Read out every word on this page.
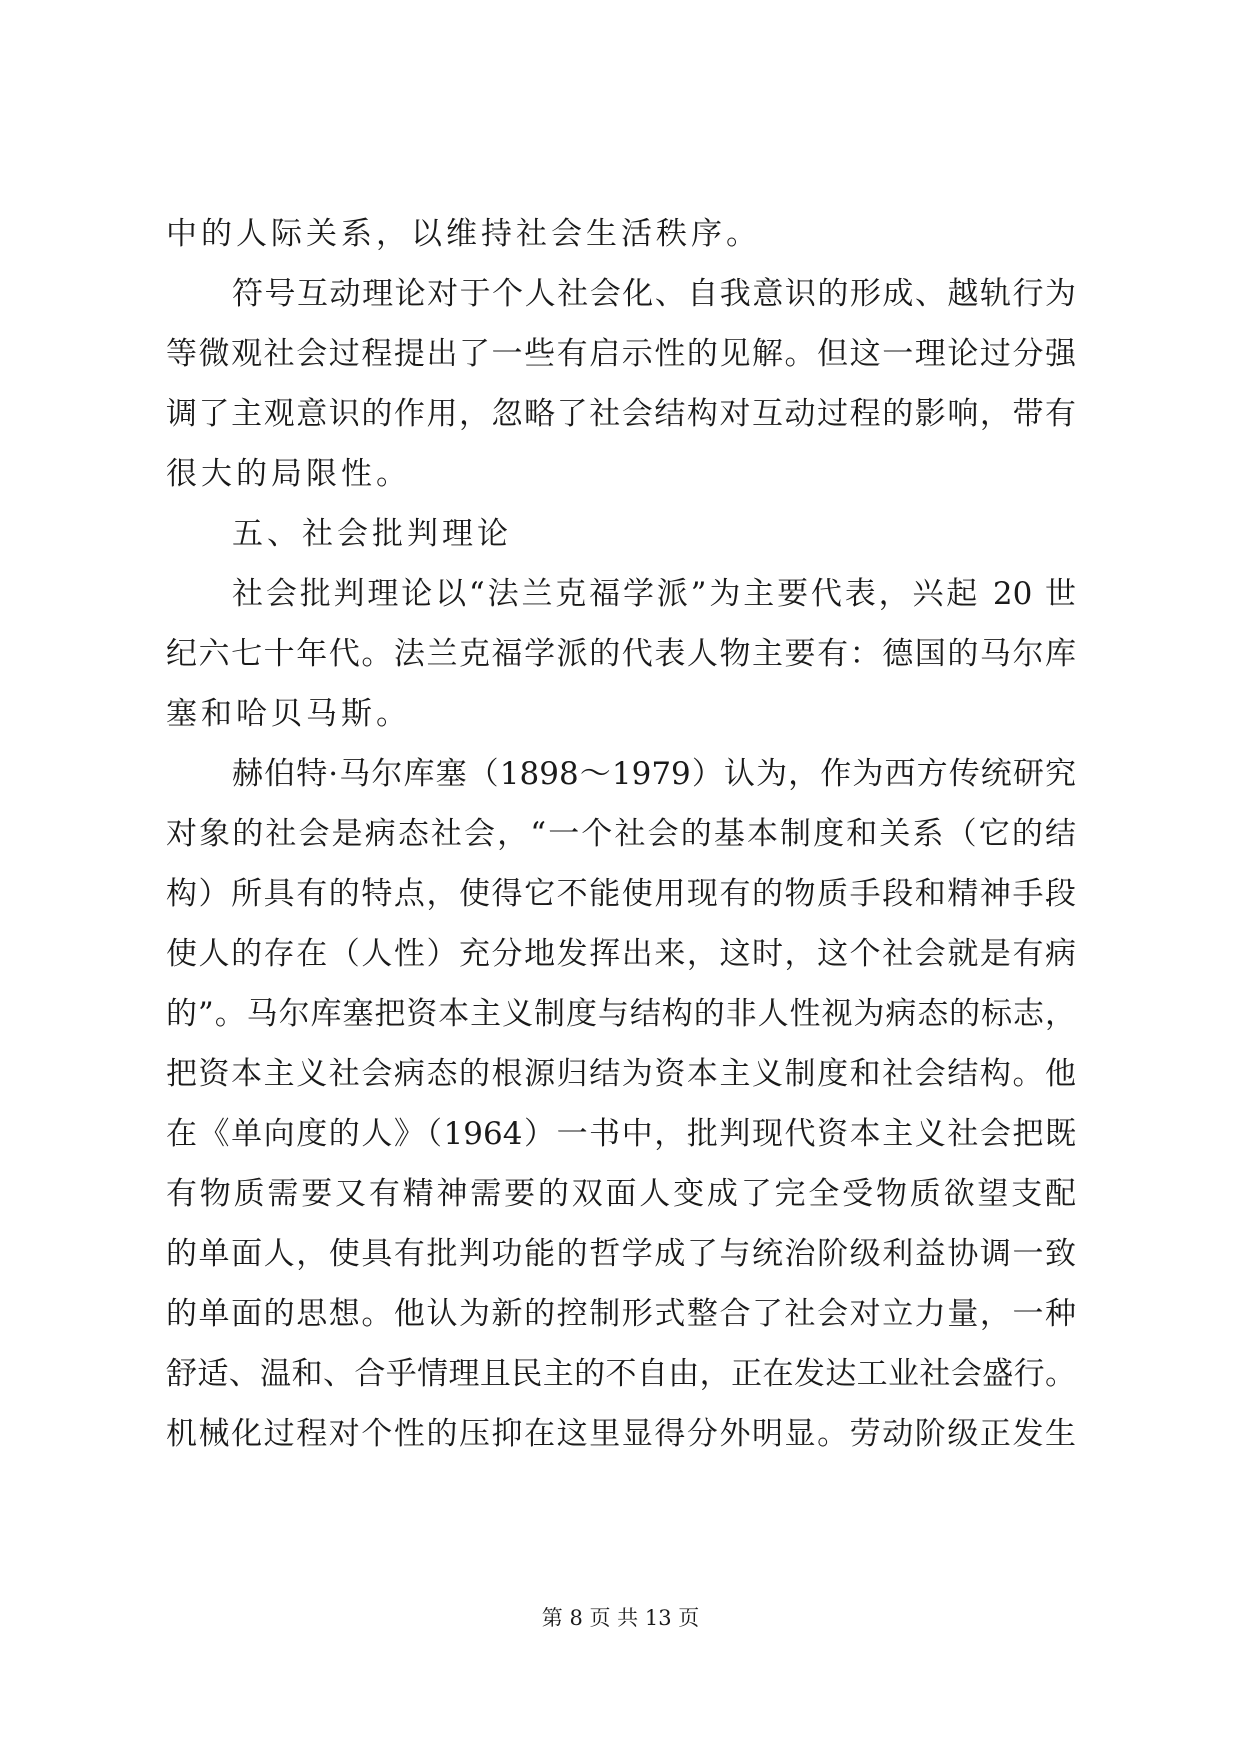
中的人际关系，以维持社会生活秩序。
符号互动理论对于个人社会化、自我意识的形成、越轨行为
等微观社会过程提出了一些有启示性的见解。但这一理论过分强
调了主观意识的作用，忽略了社会结构对互动过程的影响，带有
很大的局限性。
五、社会批判理论
社会批判理论以“法兰克福学派”为主要代表，兴起 20 世
纪六七十年代。法兰克福学派的代表人物主要有：德国的马尔库
塞和哈贝马斯。
赫伯特·马尔库塞（1898～1979）认为，作为西方传统研究
对象的社会是病态社会，“一个社会的基本制度和关系（它的结
构）所具有的特点，使得它不能使用现有的物质手段和精神手段
使人的存在（人性）充分地发挥出来，这时，这个社会就是有病
的”。马尔库塞把资本主义制度与结构的非人性视为病态的标志，
把资本主义社会病态的根源归结为资本主义制度和社会结构。他
在《单向度的人》（1964）一书中，批判现代资本主义社会把既
有物质需要又有精神需要的双面人变成了完全受物质欲望支配
的单面人，使具有批判功能的哲学成了与统治阶级利益协调一致
的单面的思想。他认为新的控制形式整合了社会对立力量，一种
舒适、温和、合乎情理且民主的不自由，正在发达工业社会盛行。
机械化过程对个性的压抑在这里显得分外明显。劳动阶级正发生
第 8 页 共 13 页
